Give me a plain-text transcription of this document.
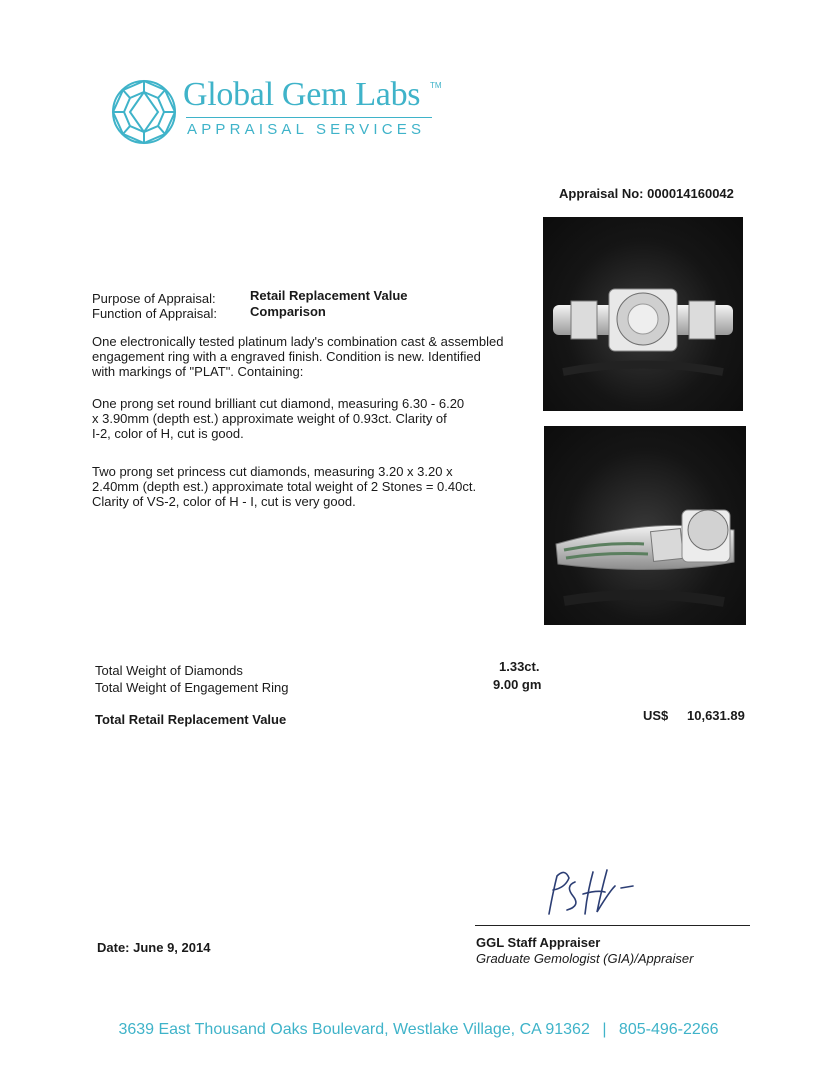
Global Gem Labs TM
APPRAISAL SERVICES
Appraisal No: 000014160042
Purpose of Appraisal:	Retail Replacement Value
Function of Appraisal:	Comparison
One electronically tested platinum lady's combination cast & assembled
engagement ring with a engraved finish. Condition is new. Identified
with markings of "PLAT". Containing:
One prong set round brilliant cut diamond, measuring 6.30 - 6.20
x 3.90mm (depth est.) approximate weight of 0.93ct. Clarity of
I-2, color of H, cut is good.
Two prong set princess cut diamonds, measuring 3.20 x 3.20 x
2.40mm (depth est.) approximate total weight of 2 Stones = 0.40ct.
Clarity of VS-2, color of H - I, cut is very good.
Total Weight of Diamonds	1.33ct.
Total Weight of Engagement Ring	9.00 gm
Total Retail Replacement Value	US$ 10,631.89
Date: June 9, 2014	GGL Staff Appraiser
Graduate Gemologist (GIA)/Appraiser
3639 East Thousand Oaks Boulevard, Westlake Village, CA 91362 | 805-496-2266
